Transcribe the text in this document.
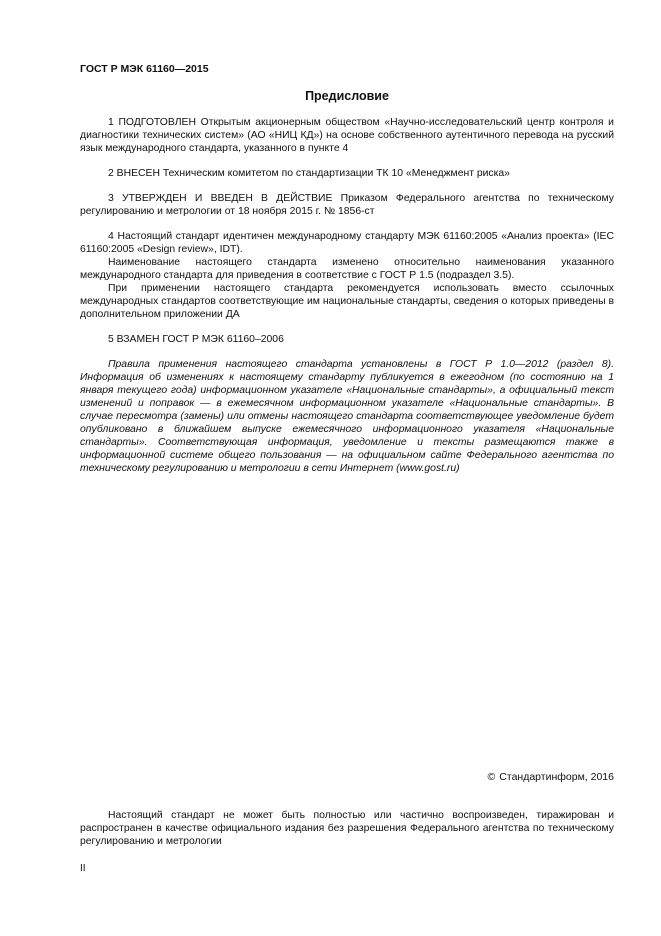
ГОСТ Р МЭК 61160—2015
Предисловие

1 ПОДГОТОВЛЕН Открытым акционерным обществом «Научно-исследовательский центр контроля и диагностики технических систем» (АО «НИЦ КД») на основе собственного аутентичного перевода на русский язык международного стандарта, указанного в пункте 4

2 ВНЕСЕН Техническим комитетом по стандартизации ТК 10 «Менеджмент риска»

3 УТВЕРЖДЕН И ВВЕДЕН В ДЕЙСТВИЕ Приказом Федерального агентства по техническому регулированию и метрологии от 18 ноября 2015 г. № 1856-ст

4 Настоящий стандарт идентичен международному стандарту МЭК 61160:2005 «Анализ проекта» (IEC 61160:2005 «Design review», IDT).

Наименование настоящего стандарта изменено относительно наименования указанного международного стандарта для приведения в соответствие с ГОСТ Р 1.5 (подраздел 3.5).

При применении настоящего стандарта рекомендуется использовать вместо ссылочных международных стандартов соответствующие им национальные стандарты, сведения о которых приведены в дополнительном приложении ДА

5 ВЗАМЕН ГОСТ Р МЭК 61160–2006

Правила применения настоящего стандарта установлены в ГОСТ Р 1.0—2012 (раздел 8). Информация об изменениях к настоящему стандарту публикуется в ежегодном (по состоянию на 1 января текущего года) информационном указателе «Национальные стандарты», а официальный текст изменений и поправок — в ежемесячном информационном указателе «Национальные стандарты». В случае пересмотра (замены) или отмены настоящего стандарта соответствующее уведомление будет опубликовано в ближайшем выпуске ежемесячного информационного указателя «Национальные стандарты». Соответствующая информация, уведомление и тексты размещаются также в информационной системе общего пользования — на официальном сайте Федерального агентства по техническому регулированию и метрологии в сети Интернет (www.gost.ru)

© Стандартинформ, 2016

Настоящий стандарт не может быть полностью или частично воспроизведен, тиражирован и распространен в качестве официального издания без разрешения Федерального агентства по техническому регулированию и метрологии

II
